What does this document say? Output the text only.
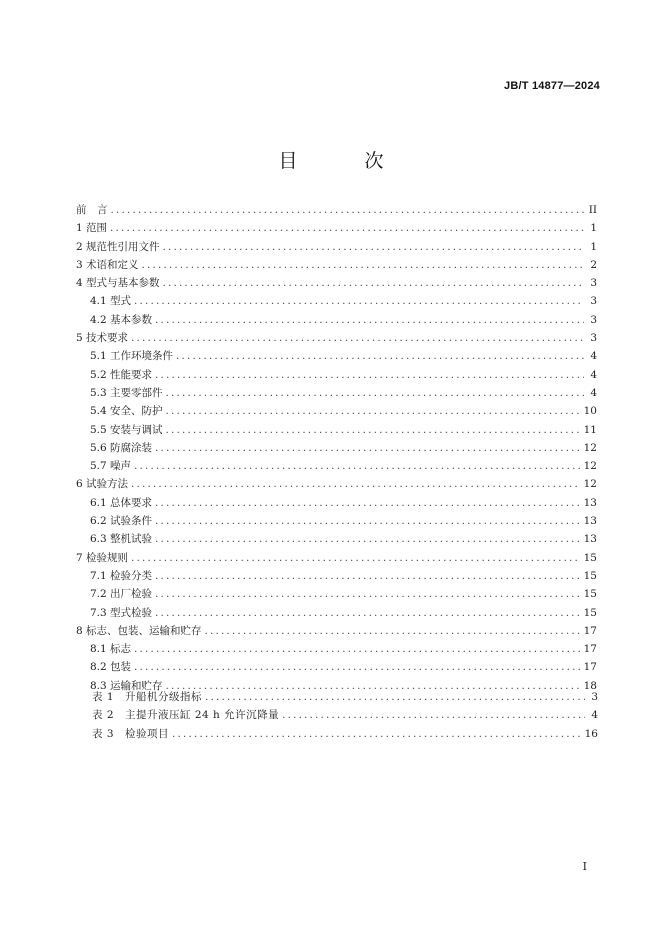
JB/T 14877—2024
目　次
前　言 . . .	II
1 范围 . . .	1
2 规范性引用文件 . . .	1
3 术语和定义 . . .	2
4 型式与基本参数 . . .	3
4.1 型式 . . .	3
4.2 基本参数 . . .	3
5 技术要求 . . .	3
5.1 工作环境条件 . . .	4
5.2 性能要求 . . .	4
5.3 主要零部件 . . .	4
5.4 安全、防护 . . .	10
5.5 安装与调试 . . .	11
5.6 防腐涂装 . . .	12
5.7 噪声 . . .	12
6 试验方法 . . .	12
6.1 总体要求 . . .	13
6.2 试验条件 . . .	13
6.3 整机试验 . . .	13
7 检验规则 . . .	15
7.1 检验分类 . . .	15
7.2 出厂检验 . . .	15
7.3 型式检验 . . .	15
8 标志、包装、运输和贮存 . . .	17
8.1 标志 . . .	17
8.2 包装 . . .	17
8.3 运输和贮存 . . .	18
表 1　升船机分级指标 . . .	3
表 2　主提升液压缸 24 h 允许沉降量 . . .	4
表 3　检验项目 . . .	16
I
